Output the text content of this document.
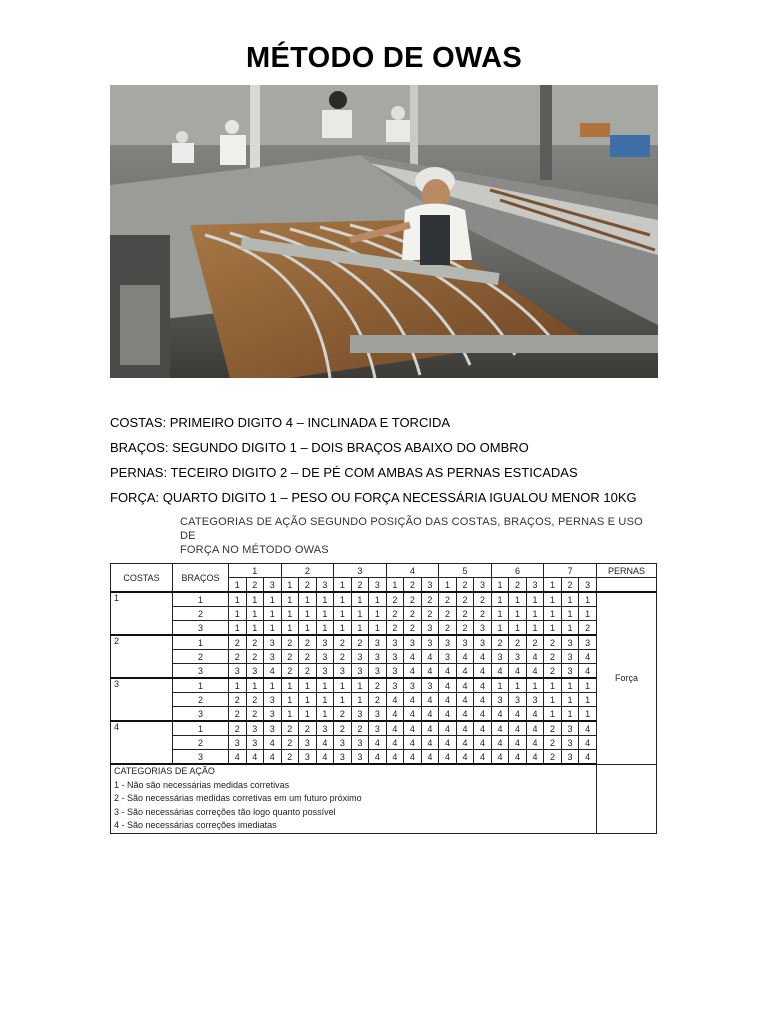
MÉTODO DE OWAS
COSTAS: PRIMEIRO DIGITO 4 – INCLINADA E TORCIDA
BRAÇOS: SEGUNDO DIGITO 1 – DOIS BRAÇOS ABAIXO DO OMBRO
PERNAS: TECEIRO DIGITO 2 – DE PÉ COM AMBAS AS PERNAS ESTICADAS
FORÇA: QUARTO DIGITO 1 – PESO OU FORÇA NECESSÁRIA IGUALOU MENOR 10KG
CATEGORIAS DE AÇÃO SEGUNDO POSIÇÃO DAS COSTAS, BRAÇOS, PERNAS E USO DE
FORÇA NO MÉTODO OWAS
COSTAS	BRAÇOS	1			2			3			4			5			6			7			PERNAS
		1	2	3	1	2	3	1	2	3	1	2	3	1	2	3	1	2	3	1	2	3	
1	1	1	1	1	1	1	1	1	1	1	2	2	2	2	2	2	1	1	1	1	1	1	Força
	2	1	1	1	1	1	1	1	1	1	2	2	2	2	2	2	1	1	1	1	1	1	
	3	1	1	1	1	1	1	1	1	1	2	2	3	2	2	3	1	1	1	1	1	2	
2	1	2	2	3	2	2	3	2	2	3	3	3	3	3	3	3	2	2	2	2	3	3	
	2	2	2	3	2	2	3	2	3	3	3	4	4	3	4	4	3	3	4	2	3	4	
	3	3	3	4	2	2	3	3	3	3	3	4	4	4	4	4	4	4	4	2	3	4	
3	1	1	1	1	1	1	1	1	1	2	3	3	3	4	4	4	1	1	1	1	1	1	
	2	2	2	3	1	1	1	1	1	2	4	4	4	4	4	4	3	3	3	1	1	1	
	3	2	2	3	1	1	1	2	3	3	4	4	4	4	4	4	4	4	4	1	1	1	
4	1	2	3	3	2	2	3	2	2	3	4	4	4	4	4	4	4	4	4	2	3	4	
	2	3	3	4	2	3	4	3	3	4	4	4	4	4	4	4	4	4	4	2	3	4	
	3	4	4	4	2	3	4	3	3	4	4	4	4	4	4	4	4	4	4	2	3	4	

CATEGORIAS DE AÇÃO
1 - Não são necessárias medidas corretivas
2 - São necessárias medidas corretivas em um futuro próximo
3 - São necessárias correções tão logo quanto possível
4 - São necessárias correções imediatas																							
